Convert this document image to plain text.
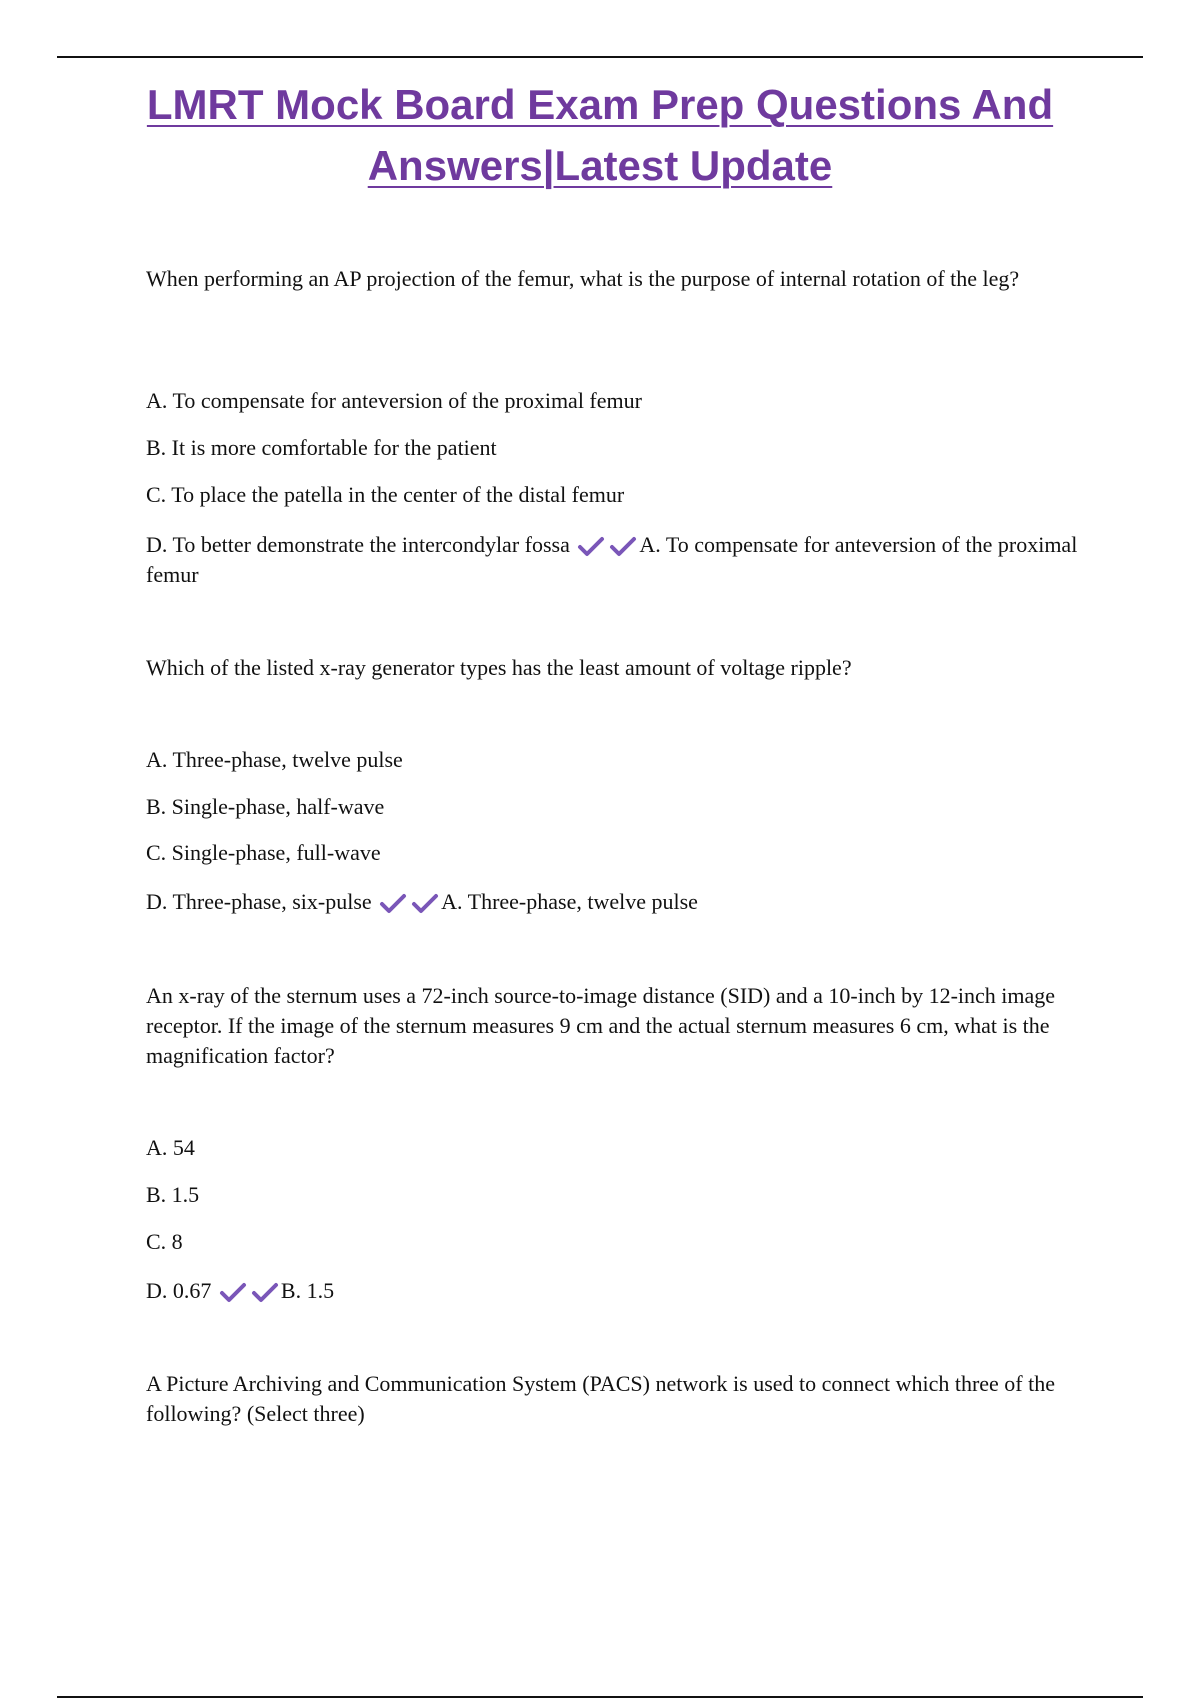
LMRT Mock Board Exam Prep Questions And
Answers|Latest Update
When performing an AP projection of the femur, what is the purpose of internal rotation of the leg?
A. To compensate for anteversion of the proximal femur
B. It is more comfortable for the patient
C. To place the patella in the center of the distal femur
D. To better demonstrate the intercondylar fossa	A. To compensate for anteversion of the proximal femur
Which of the listed x-ray generator types has the least amount of voltage ripple?
A. Three-phase, twelve pulse
B. Single-phase, half-wave
C. Single-phase, full-wave
D. Three-phase, six-pulse	A. Three-phase, twelve pulse
An x-ray of the sternum uses a 72-inch source-to-image distance (SID) and a 10-inch by 12-inch image receptor. If the image of the sternum measures 9 cm and the actual sternum measures 6 cm, what is the magnification factor?
A. 54
B. 1.5
C. 8
D. 0.67	B. 1.5
A Picture Archiving and Communication System (PACS) network is used to connect which three of the following? (Select three)
